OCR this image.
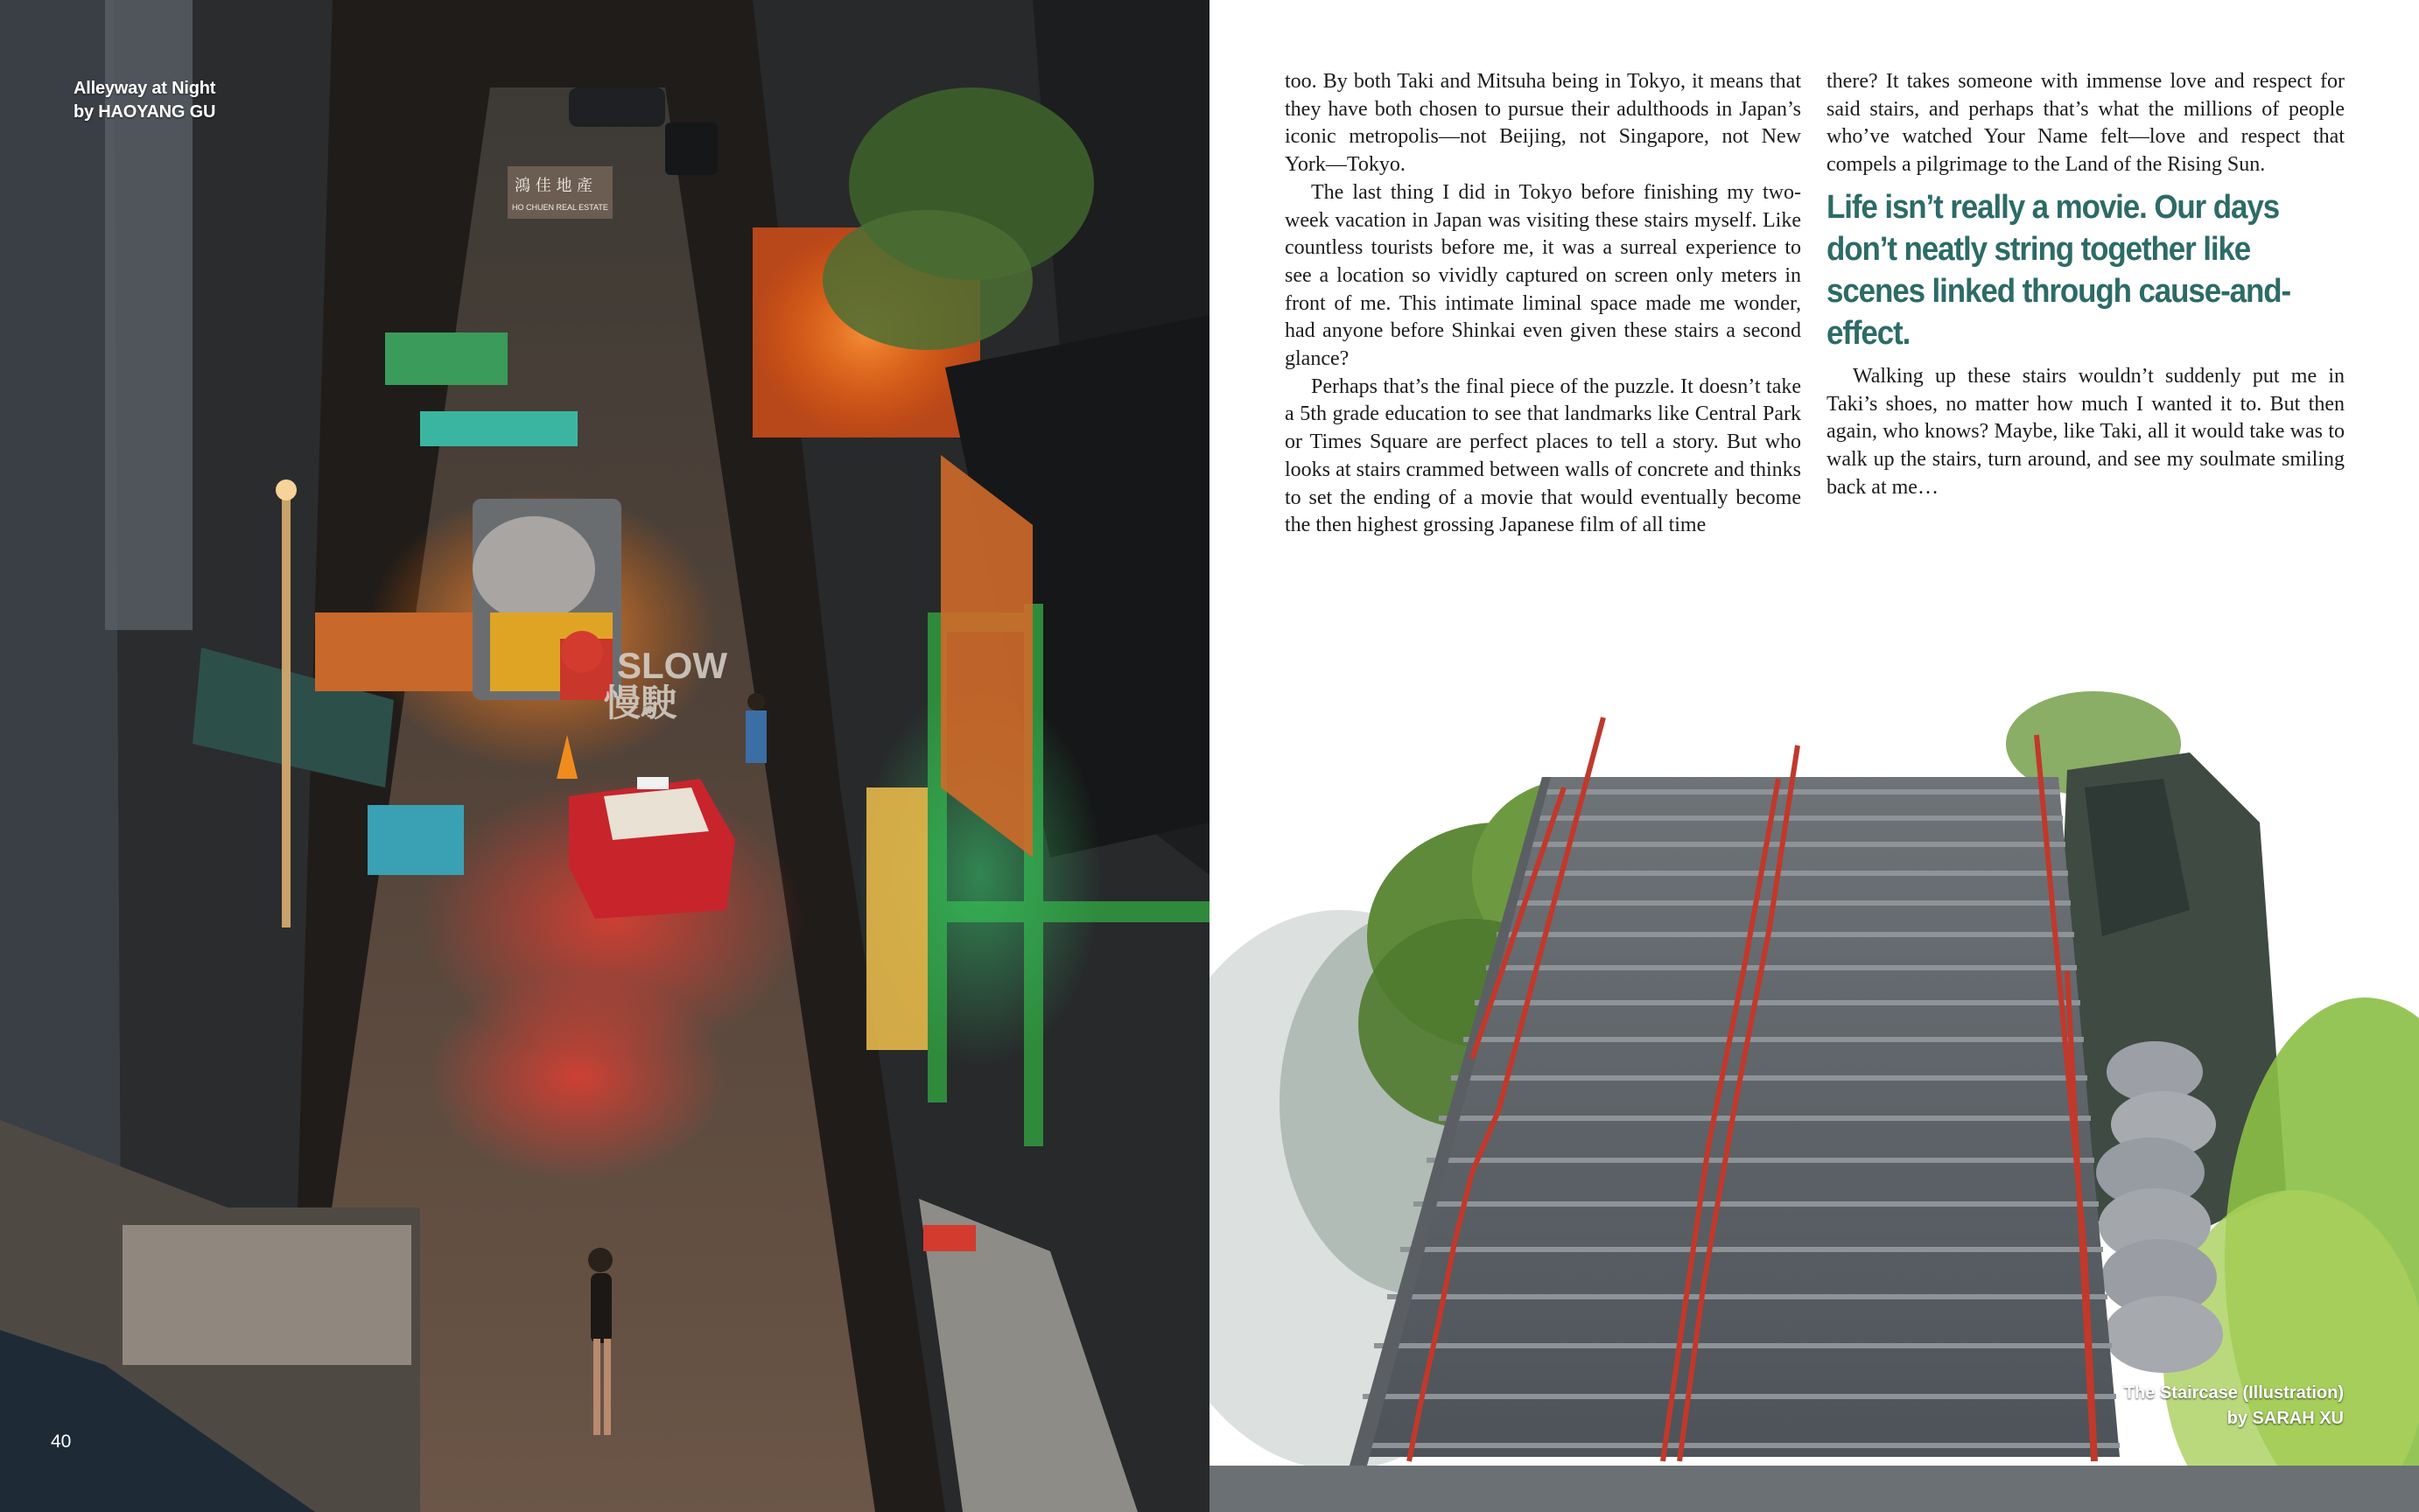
SLOW
慢駛
鴻 佳 地 產
HO CHUEN REAL ESTATE
Alleyway at Night
by HAOYANG GU
40

too. By both Taki and Mitsuha being in Tokyo, it means that they have both chosen to pursue their adulthoods in Japan’s iconic metropolis—not Beijing, not Singapore, not New York—Tokyo.

The last thing I did in Tokyo before finishing my two-week vacation in Japan was visiting these stairs myself. Like countless tourists before me, it was a surreal experience to see a location so vividly captured on screen only meters in front of me. This intimate liminal space made me wonder, had anyone before Shinkai even given these stairs a second glance?

Perhaps that’s the final piece of the puzzle. It doesn’t take a 5th grade education to see that landmarks like Central Park or Times Square are perfect places to tell a story. But who looks at stairs crammed between walls of concrete and thinks to set the ending of a movie that would eventually become the then highest grossing Japanese film of all time

there? It takes someone with immense love and respect for said stairs, and perhaps that’s what the millions of people who’ve watched Your Name felt—love and respect that compels a pilgrimage to the Land of the Rising Sun.

Life isn’t really a movie. Our days don’t neatly string together like scenes linked through cause-and-effect.

Walking up these stairs wouldn’t suddenly put me in Taki’s shoes, no matter how much I wanted it to. But then again, who knows? Maybe, like Taki, all it would take was to walk up the stairs, turn around, and see my soulmate smiling back at me…

The Staircase (Illustration)
by SARAH XU
